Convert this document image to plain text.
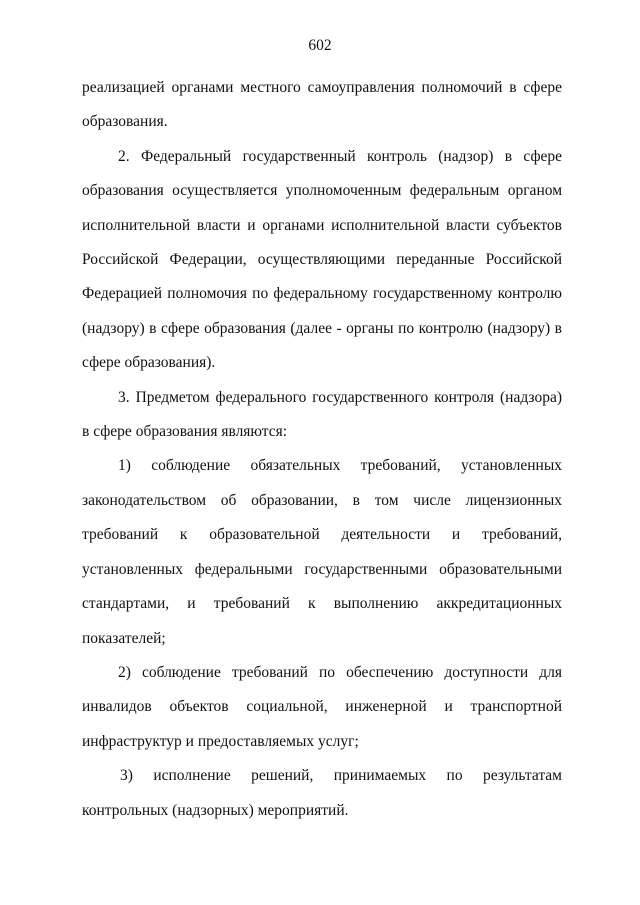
602

реализацией органами местного самоуправления полномочий в сфере образования.

2. Федеральный государственный контроль (надзор) в сфере образования осуществляется уполномоченным федеральным органом исполнительной власти и органами исполнительной власти субъектов Российской Федерации, осуществляющими переданные Российской Федерацией полномочия по федеральному государственному контролю (надзору) в сфере образования (далее - органы по контролю (надзору) в сфере образования).

3. Предметом федерального государственного контроля (надзора) в сфере образования являются:

1) соблюдение обязательных требований, установленных законодательством об образовании, в том числе лицензионных требований к образовательной деятельности и требований, установленных федеральными государственными образовательными стандартами, и требований к выполнению аккредитационных показателей;

2) соблюдение требований по обеспечению доступности для инвалидов объектов социальной, инженерной и транспортной инфраструктур и предоставляемых услуг;

3) исполнение решений, принимаемых по результатам контрольных (надзорных) мероприятий.
